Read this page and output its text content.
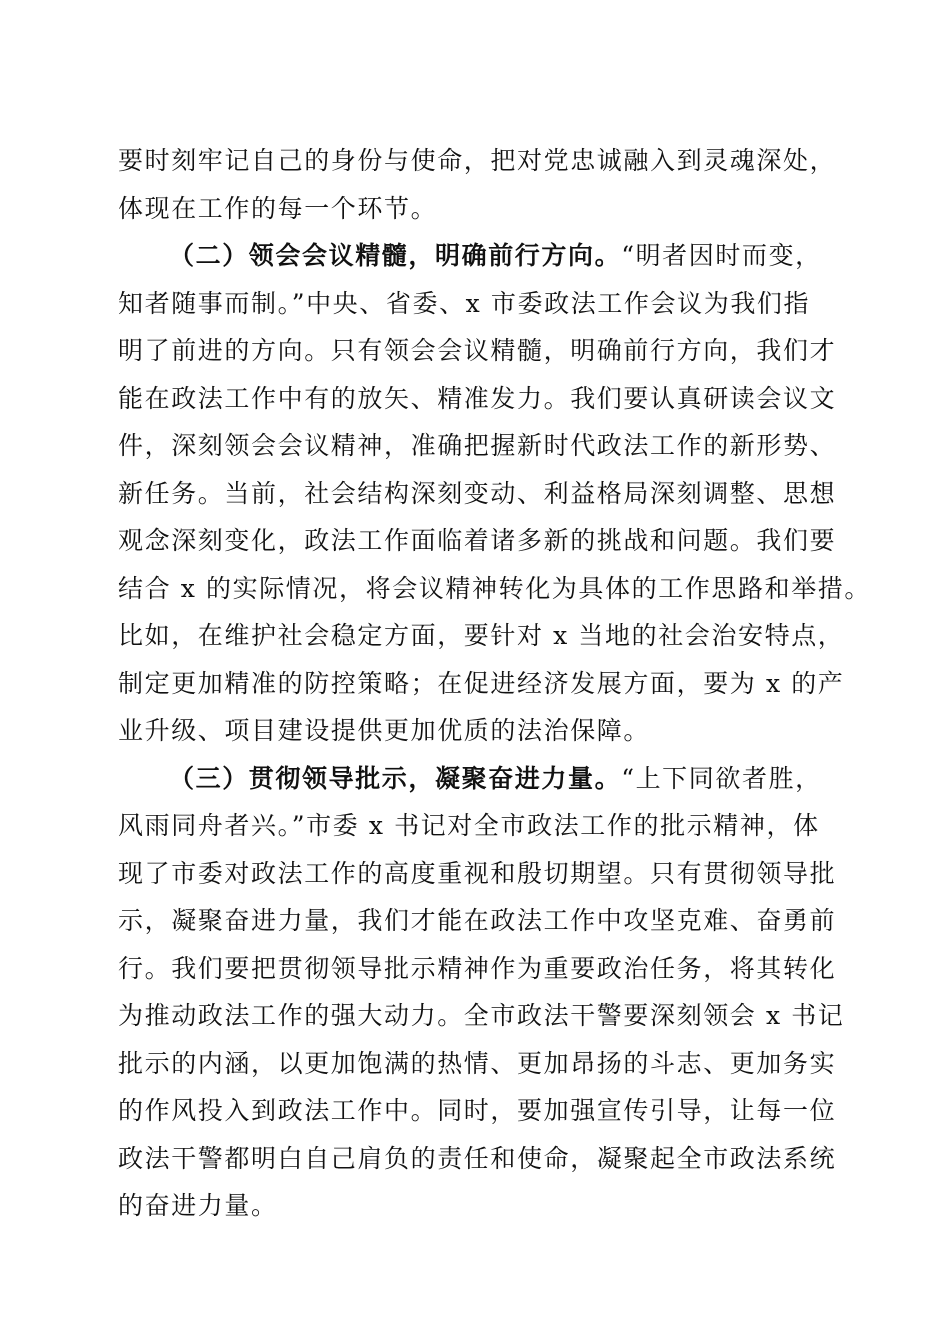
要时刻牢记自己的身份与使命，把对党忠诚融入到灵魂深处，
体现在工作的每一个环节。
（二）领会会议精髓，明确前行方向。“明者因时而变，
知者随事而制。”中央、省委、x 市委政法工作会议为我们指
明了前进的方向。只有领会会议精髓，明确前行方向，我们才
能在政法工作中有的放矢、精准发力。我们要认真研读会议文
件，深刻领会会议精神，准确把握新时代政法工作的新形势、
新任务。当前，社会结构深刻变动、利益格局深刻调整、思想
观念深刻变化，政法工作面临着诸多新的挑战和问题。我们要
结合 x 的实际情况，将会议精神转化为具体的工作思路和举措。
比如，在维护社会稳定方面，要针对 x 当地的社会治安特点，
制定更加精准的防控策略；在促进经济发展方面，要为 x 的产
业升级、项目建设提供更加优质的法治保障。
（三）贯彻领导批示，凝聚奋进力量。“上下同欲者胜，
风雨同舟者兴。”市委 x 书记对全市政法工作的批示精神，体
现了市委对政法工作的高度重视和殷切期望。只有贯彻领导批
示，凝聚奋进力量，我们才能在政法工作中攻坚克难、奋勇前
行。我们要把贯彻领导批示精神作为重要政治任务，将其转化
为推动政法工作的强大动力。全市政法干警要深刻领会 x 书记
批示的内涵，以更加饱满的热情、更加昂扬的斗志、更加务实
的作风投入到政法工作中。同时，要加强宣传引导，让每一位
政法干警都明白自己肩负的责任和使命，凝聚起全市政法系统
的奋进力量。
